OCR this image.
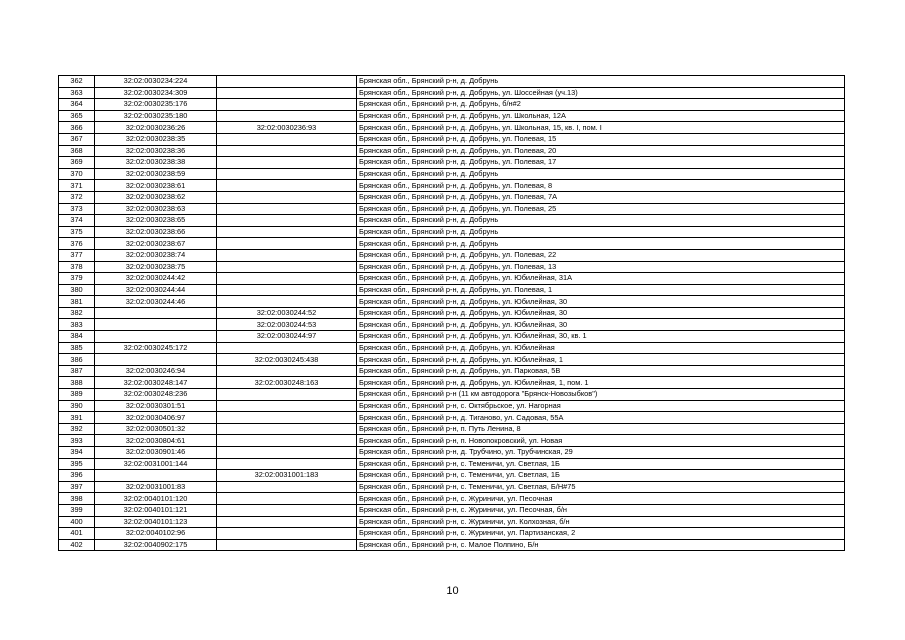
362	32:02:0030234:224		Брянская обл., Брянский р-н, д. Добрунь
363	32:02:0030234:309		Брянская обл., Брянский р-н, д. Добрунь, ул. Шоссейная (уч.13)
364	32:02:0030235:176		Брянская обл., Брянский р-н, д. Добрунь, б/н#2
365	32:02:0030235:180		Брянская обл., Брянский р-н, д. Добрунь, ул. Школьная, 12А
366	32:02:0030236:26	32:02:0030236:93	Брянская обл., Брянский р-н, д. Добрунь, ул. Школьная, 15, кв. I, пом. I
367	32:02:0030238:35		Брянская обл., Брянский р-н, д. Добрунь, ул. Полевая, 15
368	32:02:0030238:36		Брянская обл., Брянский р-н, д. Добрунь, ул. Полевая, 20
369	32:02:0030238:38		Брянская обл., Брянский р-н, д. Добрунь, ул. Полевая, 17
370	32:02:0030238:59		Брянская обл., Брянский р-н, д. Добрунь
371	32:02:0030238:61		Брянская обл., Брянский р-н, д. Добрунь, ул. Полевая, 8
372	32:02:0030238:62		Брянская обл., Брянский р-н, д. Добрунь, ул. Полевая, 7А
373	32:02:0030238:63		Брянская обл., Брянский р-н, д. Добрунь, ул. Полевая, 25
374	32:02:0030238:65		Брянская обл., Брянский р-н, д. Добрунь
375	32:02:0030238:66		Брянская обл., Брянский р-н, д. Добрунь
376	32:02:0030238:67		Брянская обл., Брянский р-н, д. Добрунь
377	32:02:0030238:74		Брянская обл., Брянский р-н, д. Добрунь, ул. Полевая, 22
378	32:02:0030238:75		Брянская обл., Брянский р-н, д. Добрунь, ул. Полевая, 13
379	32:02:0030244:42		Брянская обл., Брянский р-н, д. Добрунь, ул. Юбилейная, 31А
380	32:02:0030244:44		Брянская обл., Брянский р-н, д. Добрунь, ул. Полевая, 1
381	32:02:0030244:46		Брянская обл., Брянский р-н, д. Добрунь, ул. Юбилейная, 30
382		32:02:0030244:52	Брянская обл., Брянский р-н, д. Добрунь, ул. Юбилейная, 30
383		32:02:0030244:53	Брянская обл., Брянский р-н, д. Добрунь, ул. Юбилейная, 30
384		32:02:0030244:97	Брянская обл., Брянский р-н, д. Добрунь, ул. Юбилейная, 30, кв. 1
385	32:02:0030245:172		Брянская обл., Брянский р-н, д. Добрунь, ул. Юбилейная
386		32:02:0030245:438	Брянская обл., Брянский р-н, д. Добрунь, ул. Юбилейная, 1
387	32:02:0030246:94		Брянская обл., Брянский р-н, д. Добрунь, ул. Парковая, 5В
388	32:02:0030248:147	32:02:0030248:163	Брянская обл., Брянский р-н, д. Добрунь, ул. Юбилейная, 1, пом. 1
389	32:02:0030248:236		Брянская обл., Брянский р-н (11 км автодорога "Брянск-Новозыбков")
390	32:02:0030301:51		Брянская обл., Брянский р-н, с. Октябрьское, ул. Нагорная
391	32:02:0030406:97		Брянская обл., Брянский р-н, д. Тиганово, ул. Садовая, 55А
392	32:02:0030501:32		Брянская обл., Брянский р-н, п. Путь Ленина, 8
393	32:02:0030804:61		Брянская обл., Брянский р-н, п. Новопокровский, ул. Новая
394	32:02:0030901:46		Брянская обл., Брянский р-н, д. Трубчино, ул. Трубчинская, 29
395	32:02:0031001:144		Брянская обл., Брянский р-н, с. Теменичи, ул. Светлая, 1Б
396		32:02:0031001:183	Брянская обл., Брянский р-н, с. Теменичи, ул. Светлая, 1Б
397	32:02:0031001:83		Брянская обл., Брянский р-н, с. Теменичи, ул. Светлая, Б/Н#75
398	32:02:0040101:120		Брянская обл., Брянский р-н, с. Журиничи, ул. Песочная
399	32:02:0040101:121		Брянская обл., Брянский р-н, с. Журиничи, ул. Песочная, б/н
400	32:02:0040101:123		Брянская обл., Брянский р-н, с. Журиничи, ул. Колхозная, б/н
401	32:02:0040102:96		Брянская обл., Брянский р-н, с. Журиничи, ул. Партизанская, 2
402	32:02:0040902:175		Брянская обл., Брянский р-н, с. Малое Полпино, Б/н
10
